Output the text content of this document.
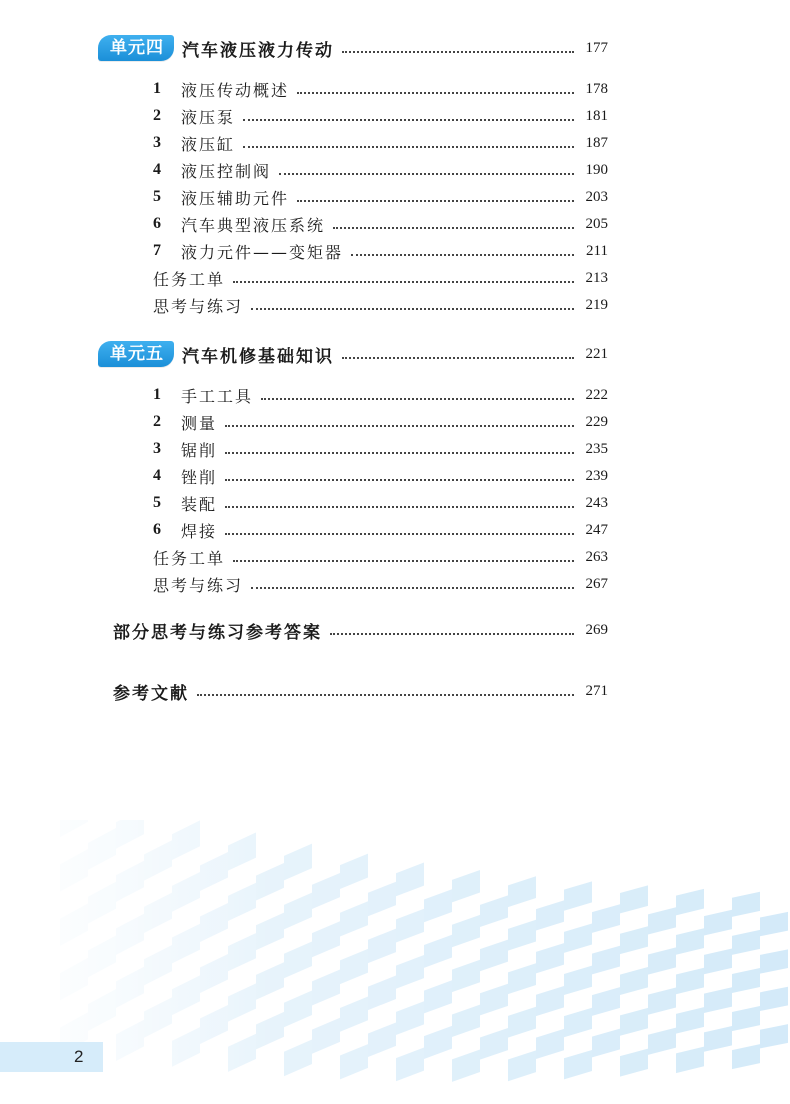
单元四	汽车液压液力传动	177
1	液压传动概述	178
2	液压泵	181
3	液压缸	187
4	液压控制阀	190
5	液压辅助元件	203
6	汽车典型液压系统	205
7	液力元件——变矩器	211
任务工单	213
思考与练习	219
单元五	汽车机修基础知识	221
1	手工工具	222
2	测量	229
3	锯削	235
4	锉削	239
5	装配	243
6	焊接	247
任务工单	263
思考与练习	267
部分思考与练习参考答案	269
参考文献	271
2
